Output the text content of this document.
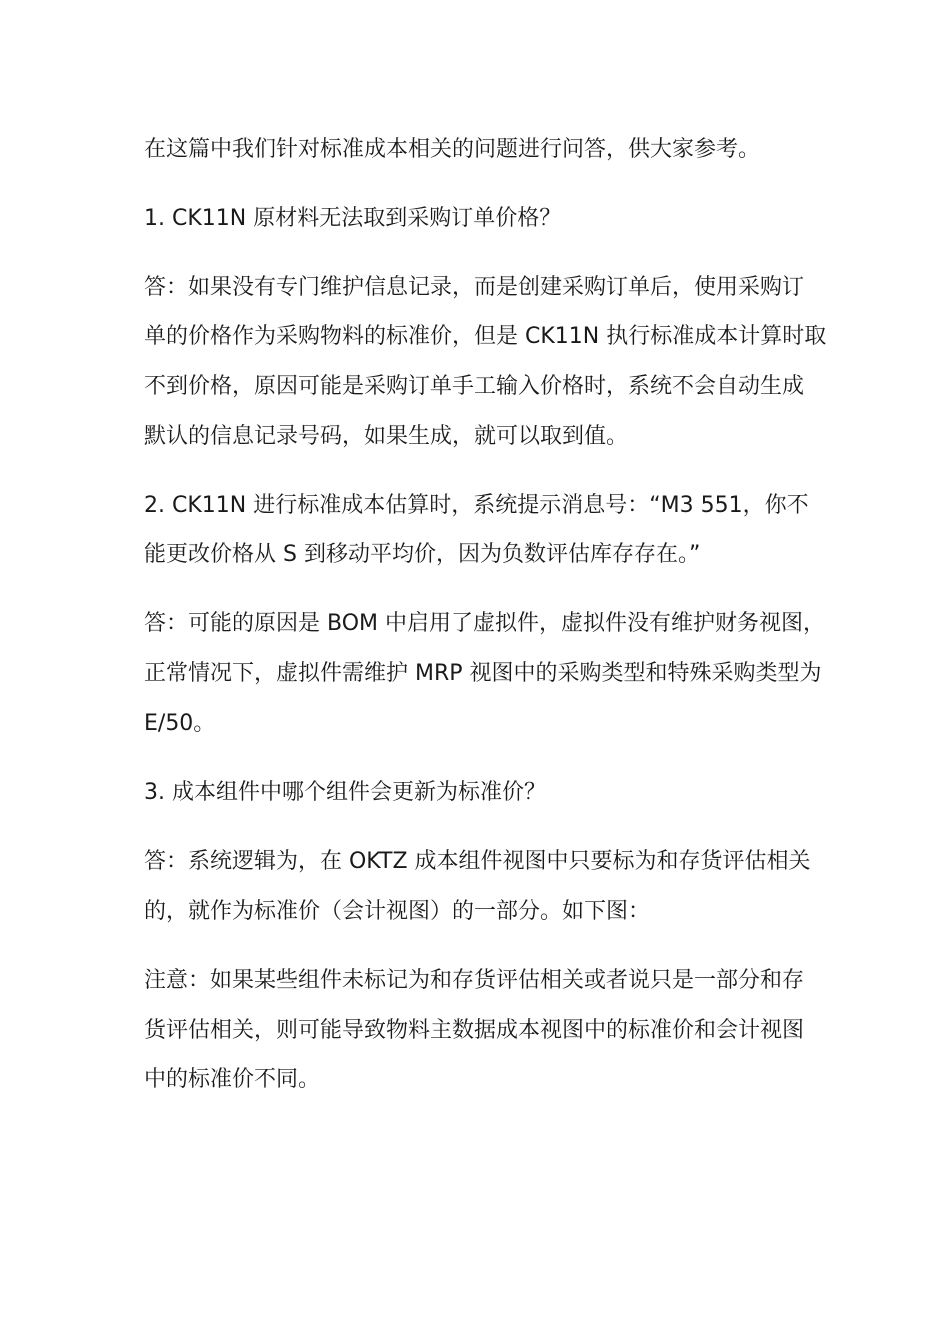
在这篇中我们针对标准成本相关的问题进行问答，供大家参考。
1. CK11N 原材料无法取到采购订单价格？
答：如果没有专门维护信息记录，而是创建采购订单后，使用采购订
单的价格作为采购物料的标准价，但是 CK11N 执行标准成本计算时取
不到价格，原因可能是采购订单手工输入价格时，系统不会自动生成
默认的信息记录号码，如果生成，就可以取到值。
2. CK11N 进行标准成本估算时，系统提示消息号：“M3 551，你不
能更改价格从 S 到移动平均价，因为负数评估库存存在。”
答：可能的原因是 BOM 中启用了虚拟件，虚拟件没有维护财务视图，
正常情况下，虚拟件需维护 MRP 视图中的采购类型和特殊采购类型为
E/50。
3. 成本组件中哪个组件会更新为标准价？
答：系统逻辑为，在 OKTZ 成本组件视图中只要标为和存货评估相关
的，就作为标准价（会计视图）的一部分。如下图：
注意：如果某些组件未标记为和存货评估相关或者说只是一部分和存
货评估相关，则可能导致物料主数据成本视图中的标准价和会计视图
中的标准价不同。
